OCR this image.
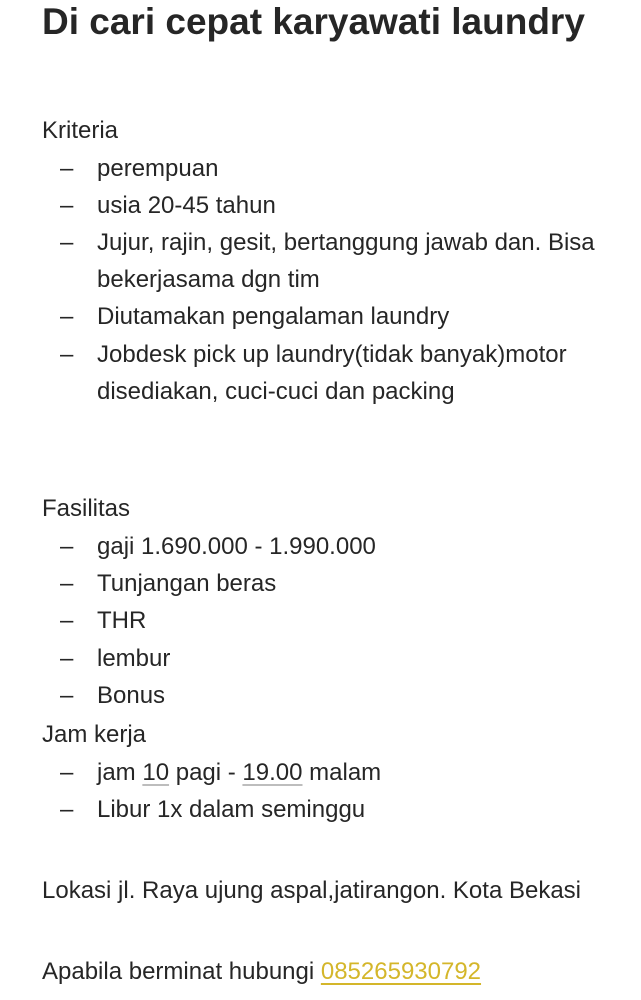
Di cari cepat karyawati laundry
Kriteria
– perempuan
– usia 20-45 tahun
– Jujur, rajin, gesit, bertanggung jawab dan. Bisa bekerjasama dgn tim
– Diutamakan pengalaman laundry
– Jobdesk pick up laundry(tidak banyak)motor disediakan, cuci-cuci dan packing
Fasilitas
– gaji 1.690.000 - 1.990.000
– Tunjangan beras
– THR
– lembur
– Bonus
Jam kerja
– jam 10 pagi - 19.00 malam
– Libur 1x dalam seminggu
Lokasi jl. Raya ujung aspal,jatirangon. Kota Bekasi
Apabila berminat hubungi 085265930792
